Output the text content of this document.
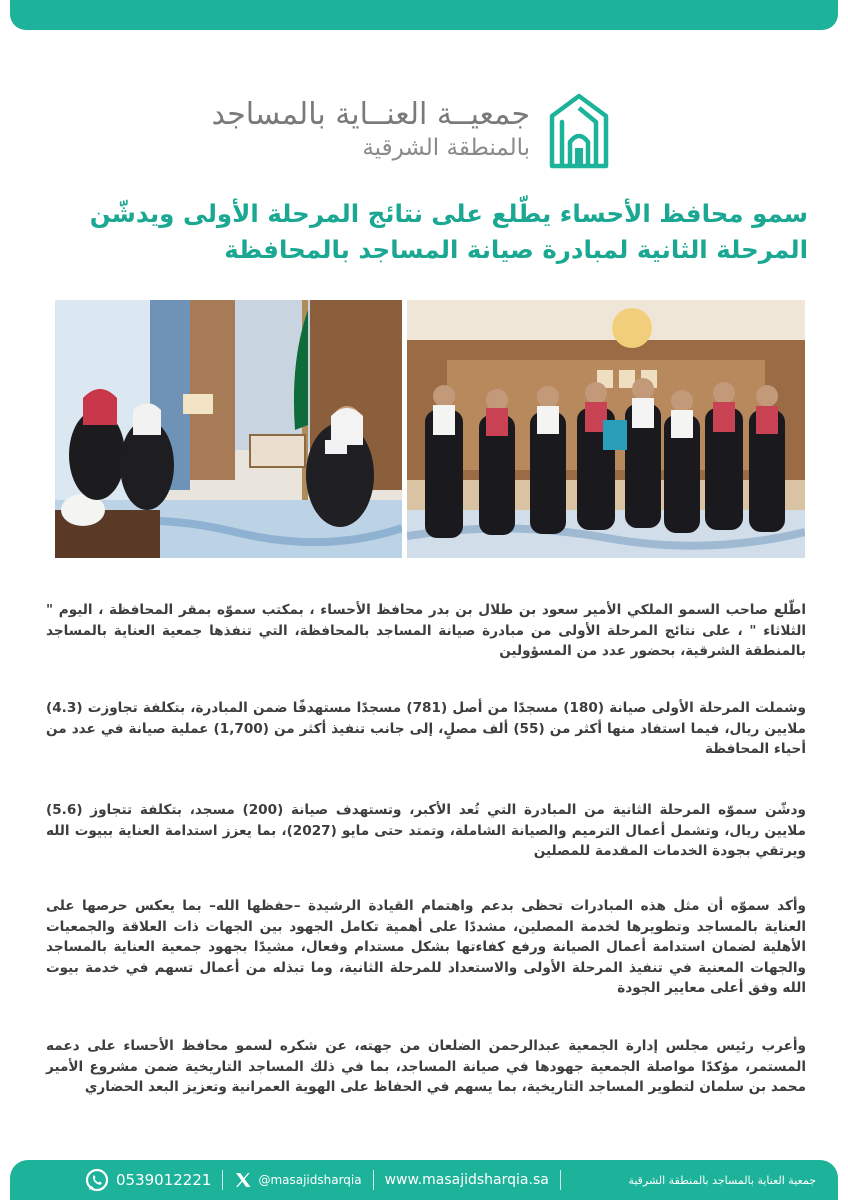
جمعيــة العنــاية بالمساجد
بالمنطقة الشرقية
سمو محافظ الأحساء يطّلع على نتائج المرحلة الأولى ويدشّن المرحلة الثانية لمبادرة صيانة المساجد بالمحافظة

اطّلع صاحب السمو الملكي الأمير سعود بن طلال بن بدر محافظ الأحساء ، بمكتب سموّه بمقر المحافظة ، اليوم " الثلاثاء " ، على نتائج المرحلة الأولى من مبادرة صيانة المساجد بالمحافظة، التي تنفذها جمعية العناية بالمساجد بالمنطقة الشرقية، بحضور عدد من المسؤولين

وشملت المرحلة الأولى صيانة (180) مسجدًا من أصل (781) مسجدًا مستهدفًا ضمن المبادرة، بتكلفة تجاوزت (4.3) ملايين ريال، فيما استفاد منها أكثر من (55) ألف مصلٍ، إلى جانب تنفيذ أكثر من (1,700) عملية صيانة في عدد من أحياء المحافظة

ودشّن سموّه المرحلة الثانية من المبادرة التي تُعد الأكبر، وتستهدف صيانة (200) مسجد، بتكلفة تتجاوز (5.6) ملايين ريال، وتشمل أعمال الترميم والصيانة الشاملة، وتمتد حتى مايو (2027)، بما يعزز استدامة العناية ببيوت الله ويرتقي بجودة الخدمات المقدمة للمصلين

وأكد سموّه أن مثل هذه المبادرات تحظى بدعم واهتمام القيادة الرشيدة –حفظها الله– بما يعكس حرصها على العناية بالمساجد وتطويرها لخدمة المصلين، مشددًا على أهمية تكامل الجهود بين الجهات ذات العلاقة والجمعيات الأهلية لضمان استدامة أعمال الصيانة ورفع كفاءتها بشكل مستدام وفعال، مشيدًا بجهود جمعية العناية بالمساجد والجهات المعنية في تنفيذ المرحلة الأولى والاستعداد للمرحلة الثانية، وما تبذله من أعمال تسهم في خدمة بيوت الله وفق أعلى معايير الجودة

وأعرب رئيس مجلس إدارة الجمعية عبدالرحمن الضلعان من جهته، عن شكره لسمو محافظ الأحساء على دعمه المستمر، مؤكدًا مواصلة الجمعية جهودها في صيانة المساجد، بما في ذلك المساجد التاريخية ضمن مشروع الأمير محمد بن سلمان لتطوير المساجد التاريخية، بما يسهم في الحفاظ على الهوية العمرانية وتعزيز البعد الحضاري

0539012221	@masajidsharqia www.masajidsharqia.sa	جمعية العناية بالمساجد بالمنطقة الشرقية
